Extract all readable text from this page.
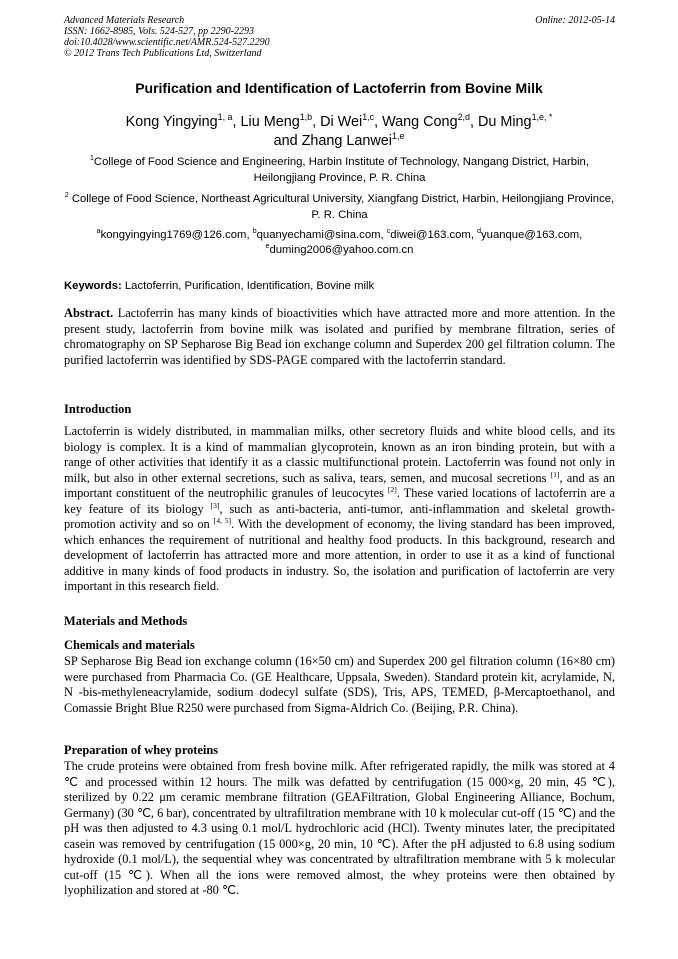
Advanced Materials Research
ISSN: 1662-8985, Vols. 524-527, pp 2290-2293
doi:10.4028/www.scientific.net/AMR.524-527.2290
© 2012 Trans Tech Publications Ltd, Switzerland
Online: 2012-05-14
Purification and Identification of Lactoferrin from Bovine Milk
Kong Yingying$^{1, a}$, Liu Meng$^{1,b}$, Di Wei$^{1,c}$, Wang Cong$^{2,d}$, Du Ming$^{1,e, *}$
and Zhang Lanwei$^{1,e}$
$^1$College of Food Science and Engineering, Harbin Institute of Technology, Nangang District, Harbin, Heilongjiang Province, P. R. China
$^2$ College of Food Science, Northeast Agricultural University, Xiangfang District, Harbin, Heilongjiang Province, P. R. China
$^a$kongyingying1769@126.com, $^b$quanyechami@sina.com, $^c$diwei@163.com, $^d$yuanque@163.com,
$^e$duming2006@yahoo.com.cn
Keywords: Lactoferrin, Purification, Identification, Bovine milk
Abstract. Lactoferrin has many kinds of bioactivities which have attracted more and more attention. In the present study, lactoferrin from bovine milk was isolated and purified by membrane filtration, series of chromatography on SP Sepharose Big Bead ion exchange column and Superdex 200 gel filtration column. The purified lactoferrin was identified by SDS-PAGE compared with the lactoferrin standard.
Introduction
Lactoferrin is widely distributed, in mammalian milks, other secretory fluids and white blood cells, and its biology is complex. It is a kind of mammalian glycoprotein, known as an iron binding protein, but with a range of other activities that identify it as a classic multifunctional protein. Lactoferrin was found not only in milk, but also in other external secretions, such as saliva, tears, semen, and mucosal secretions [1], and as an important constituent of the neutrophilic granules of leucocytes [2]. These varied locations of lactoferrin are a key feature of its biology [3], such as anti-bacteria, anti-tumor, anti-inflammation and skeletal growth-promotion activity and so on [4, 5]. With the development of economy, the living standard has been improved, which enhances the requirement of nutritional and healthy food products. In this background, research and development of lactoferrin has attracted more and more attention, in order to use it as a kind of functional additive in many kinds of food products in industry. So, the isolation and purification of lactoferrin are very important in this research field.
Materials and Methods
Chemicals and materials
SP Sepharose Big Bead ion exchange column (16×50 cm) and Superdex 200 gel filtration column (16×80 cm) were purchased from Pharmacia Co. (GE Healthcare, Uppsala, Sweden). Standard protein kit, acrylamide, N, N -bis-methyleneacrylamide, sodium dodecyl sulfate (SDS), Tris, APS, TEMED, β-Mercaptoethanol, and Comassie Bright Blue R250 were purchased from Sigma-Aldrich Co. (Beijing, P.R. China).
Preparation of whey proteins
The crude proteins were obtained from fresh bovine milk. After refrigerated rapidly, the milk was stored at 4 ℃ and processed within 12 hours. The milk was defatted by centrifugation (15 000×g, 20 min, 45 ℃), sterilized by 0.22 μm ceramic membrane filtration (GEAFiltration, Global Engineering Alliance, Bochum, Germany) (30 ℃, 6 bar), concentrated by ultrafiltration membrane with 10 k molecular cut-off (15 ℃) and the pH was then adjusted to 4.3 using 0.1 mol/L hydrochloric acid (HCl). Twenty minutes later, the precipitated casein was removed by centrifugation (15 000×g, 20 min, 10 ℃). After the pH adjusted to 6.8 using sodium hydroxide (0.1 mol/L), the sequential whey was concentrated by ultrafiltration membrane with 5 k molecular cut-off (15 ℃). When all the ions were removed almost, the whey proteins were then obtained by lyophilization and stored at -80 ℃.
